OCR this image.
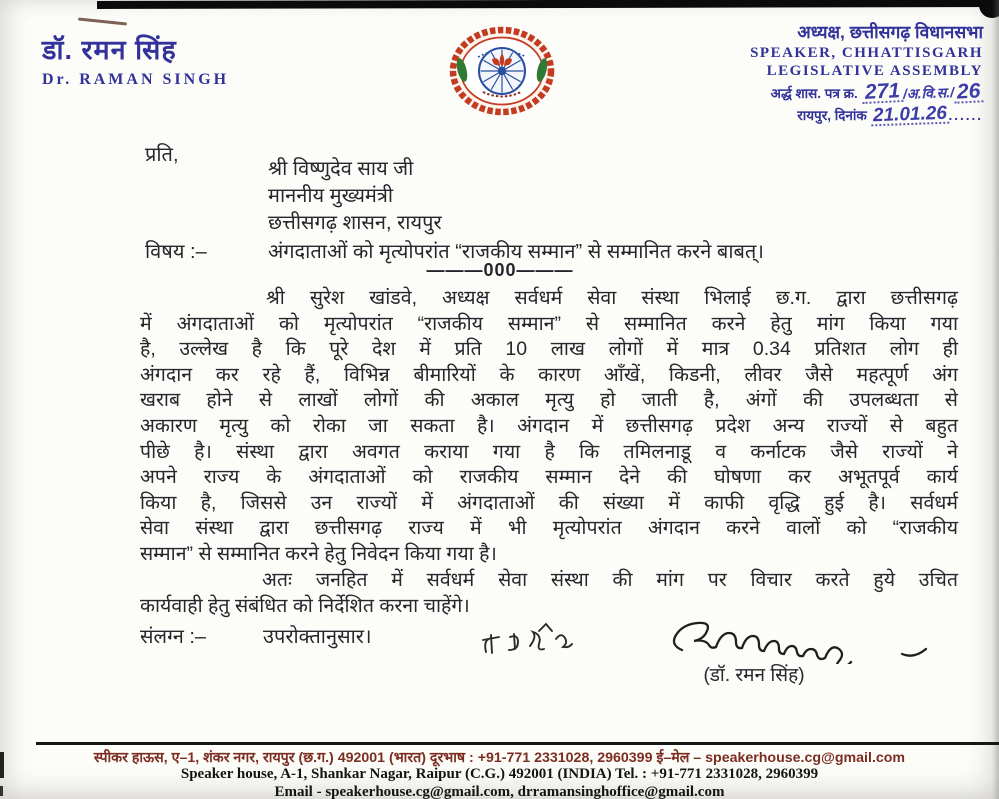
डॉ. रमन सिंह
Dr. RAMAN SINGH
अध्यक्ष, छत्तीसगढ़ विधानसभा
SPEAKER, CHHATTISGARH
LEGISLATIVE ASSEMBLY
अर्द्ध शास. पत्र क्र. 271 /अ.वि.स./26
रायपुर, दिनांक 21.01.26 ......
प्रति,
श्री विष्णुदेव साय जी
माननीय मुख्यमंत्री
छत्तीसगढ़ शासन, रायपुर
विषय :–	अंगदाताओं को मृत्योपरांत “राजकीय सम्मान” से सम्मानित करने बाबत्।
———000———
श्री सुरेश खांडवे, अध्यक्ष सर्वधर्म सेवा संस्था भिलाई छ.ग. द्वारा छत्तीसगढ़
में अंगदाताओं को मृत्योपरांत “राजकीय सम्मान” से सम्मानित करने हेतु मांग किया गया
है, उल्लेख है कि पूरे देश में प्रति 10 लाख लोगों में मात्र 0.34 प्रतिशत लोग ही
अंगदान कर रहे हैं, विभिन्न बीमारियों के कारण आँखें, किडनी, लीवर जैसे महत्पूर्ण अंग
खराब होने से लाखों लोगों की अकाल मृत्यु हो जाती है, अंगों की उपलब्धता से
अकारण मृत्यु को रोका जा सकता है। अंगदान में छत्तीसगढ़ प्रदेश अन्य राज्यों से बहुत
पीछे है। संस्था द्वारा अवगत कराया गया है कि तमिलनाडू व कर्नाटक जैसे राज्यों ने
अपने राज्य के अंगदाताओं को राजकीय सम्मान देने की घोषणा कर अभूतपूर्व कार्य
किया है, जिससे उन राज्यों में अंगदाताओं की संख्या में काफी वृद्धि हुई है। सर्वधर्म
सेवा संस्था द्वारा छत्तीसगढ़ राज्य में भी मृत्योपरांत अंगदान करने वालों को “राजकीय
सम्मान” से सम्मानित करने हेतु निवेदन किया गया है।
अतः जनहित में सर्वधर्म सेवा संस्था की मांग पर विचार करते हुये उचित
कार्यवाही हेतु संबंधित को निर्देशित करना चाहेंगे।
संलग्न :–	उपरोक्तानुसार।
(डॉ. रमन सिंह)
स्पीकर हाऊस, ए–1, शंकर नगर, रायपुर (छ.ग.) 492001 (भारत) दूरभाष : +91-771 2331028, 2960399 ई–मेल – speakerhouse.cg@gmail.com
Speaker house, A-1, Shankar Nagar, Raipur (C.G.) 492001 (INDIA) Tel. : +91-771 2331028, 2960399
Email - speakerhouse.cg@gmail.com, drramansinghoffice@gmail.com
